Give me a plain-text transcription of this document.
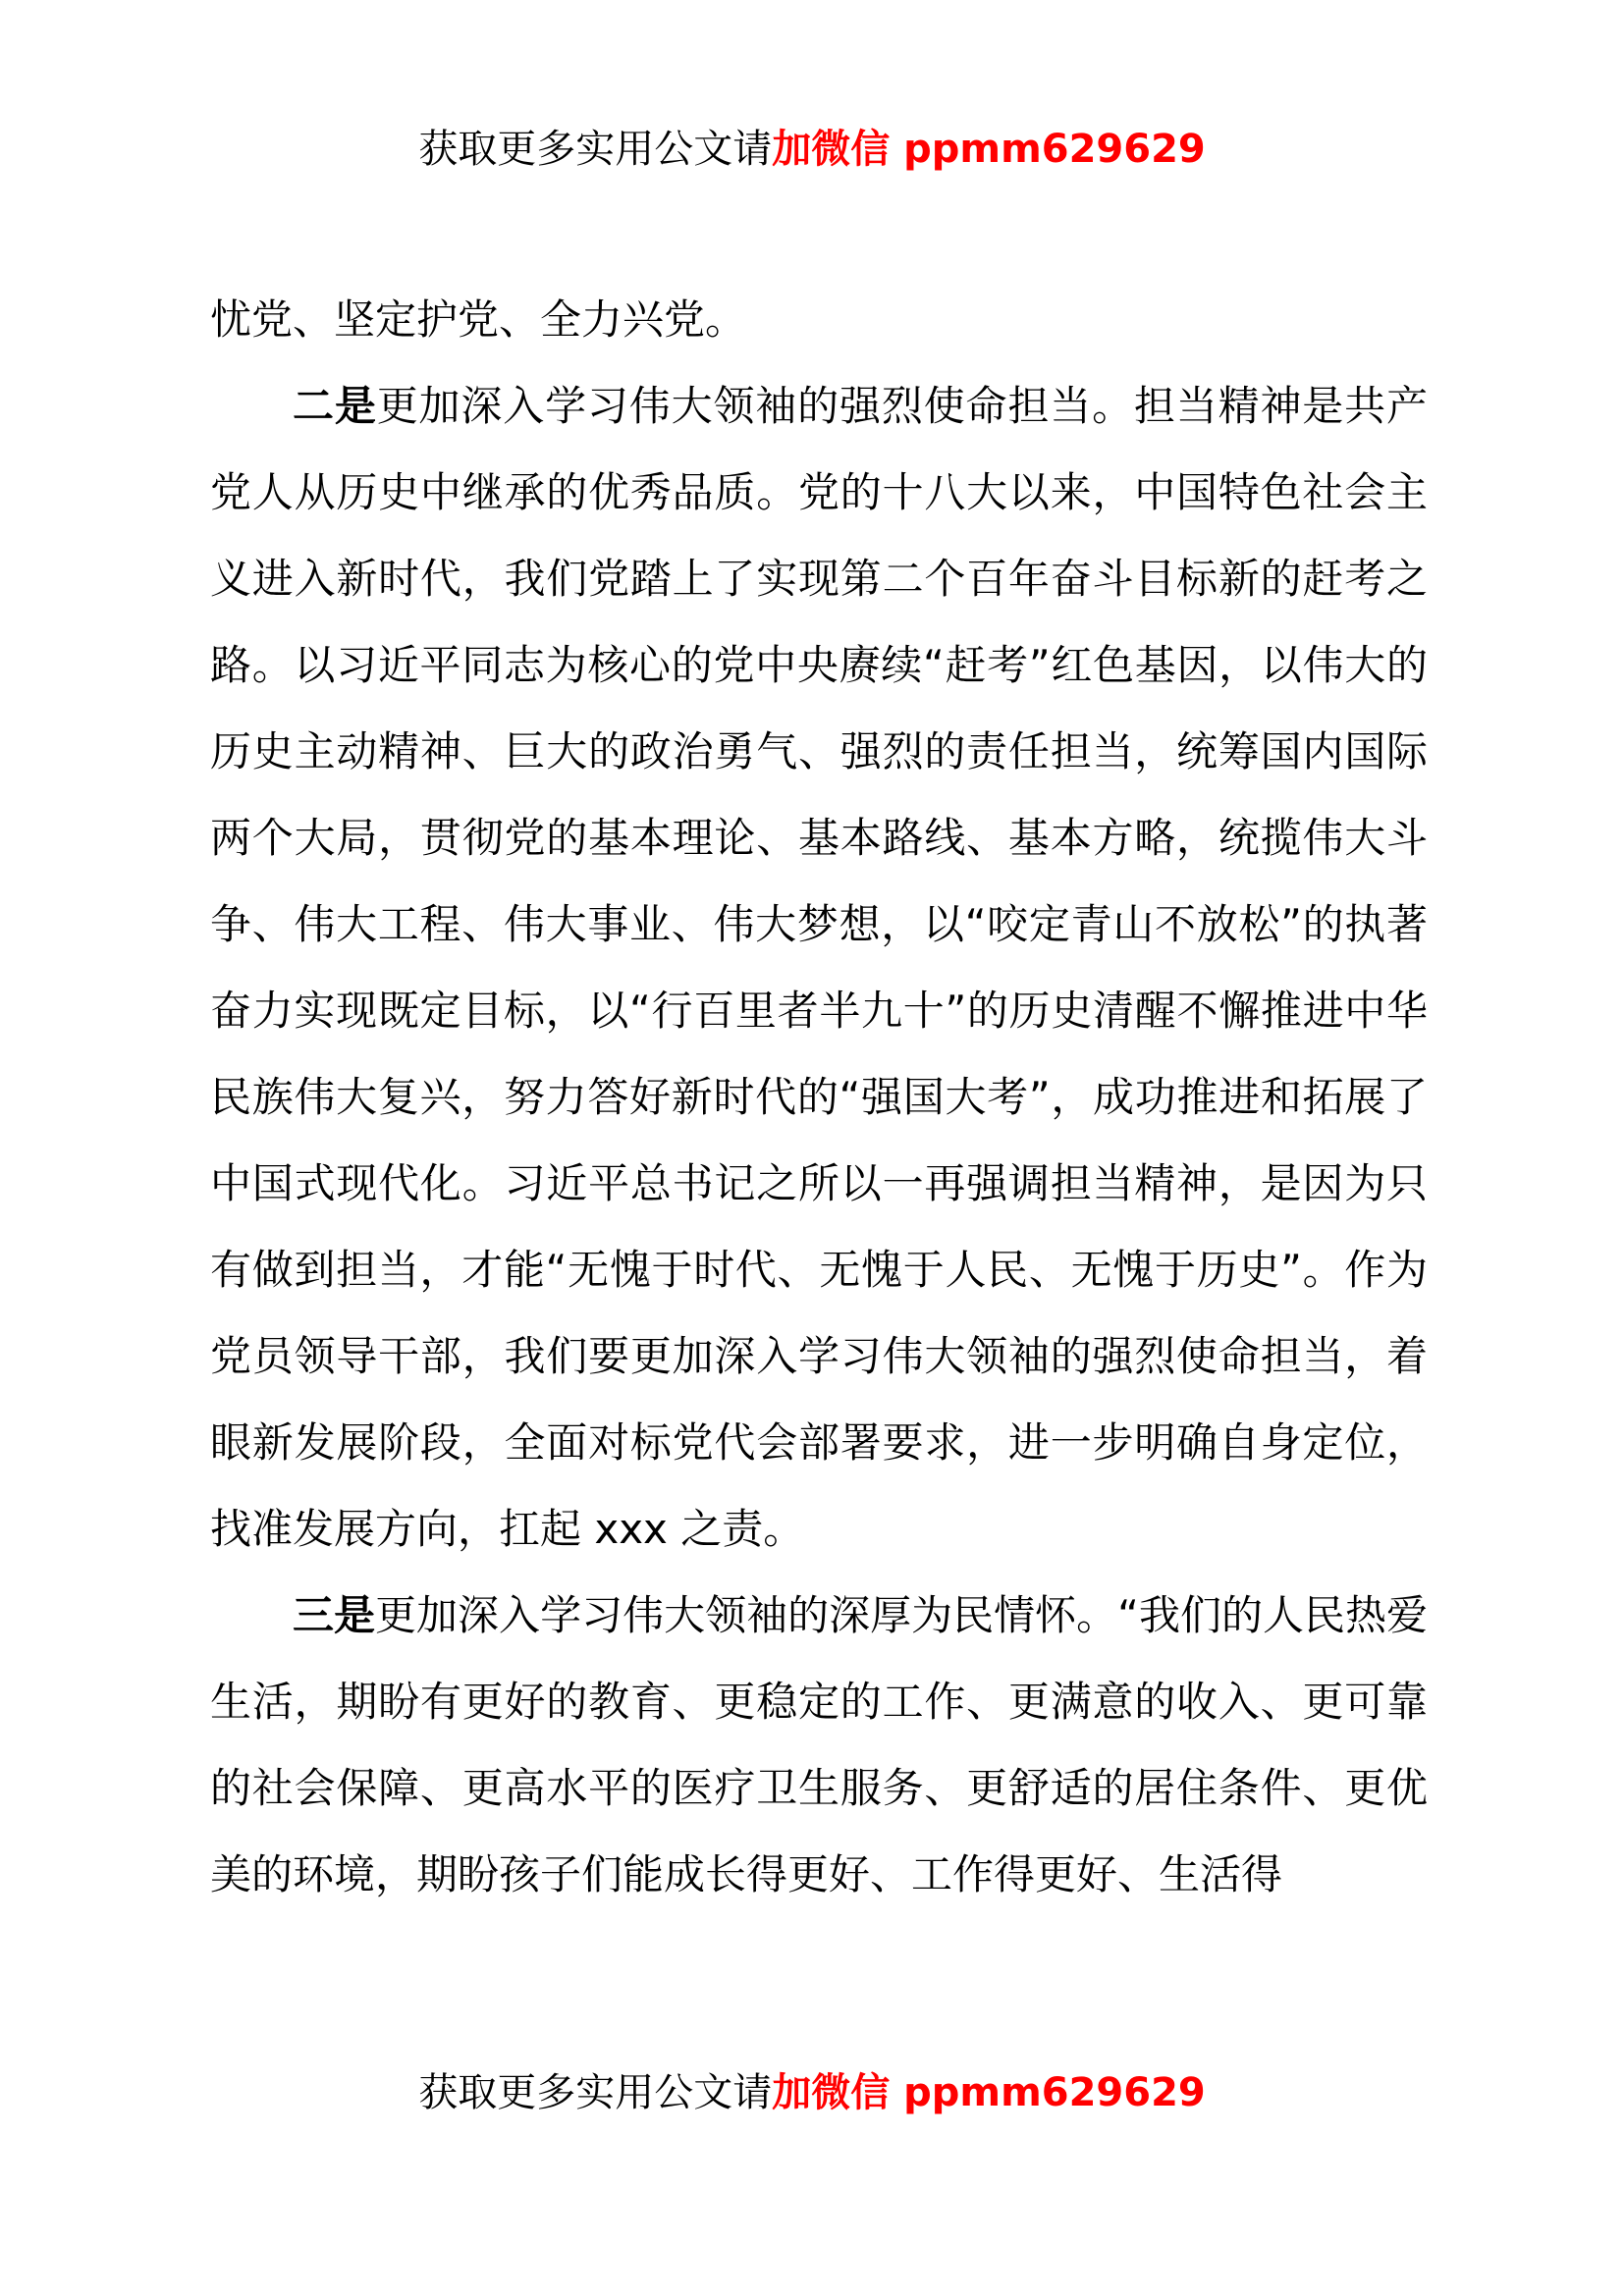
获取更多实用公文请加微信 ppmm629629

忧党、坚定护党、全力兴党。

二是更加深入学习伟大领袖的强烈使命担当。担当精神是共产党人从历史中继承的优秀品质。党的十八大以来，中国特色社会主义进入新时代，我们党踏上了实现第二个百年奋斗目标新的赶考之路。以习近平同志为核心的党中央赓续“赶考”红色基因，以伟大的历史主动精神、巨大的政治勇气、强烈的责任担当，统筹国内国际两个大局，贯彻党的基本理论、基本路线、基本方略，统揽伟大斗争、伟大工程、伟大事业、伟大梦想，以“咬定青山不放松”的执著奋力实现既定目标，以“行百里者半九十”的历史清醒不懈推进中华民族伟大复兴，努力答好新时代的“强国大考”，成功推进和拓展了中国式现代化。习近平总书记之所以一再强调担当精神，是因为只有做到担当，才能“无愧于时代、无愧于人民、无愧于历史”。作为党员领导干部，我们要更加深入学习伟大领袖的强烈使命担当，着眼新发展阶段，全面对标党代会部署要求，进一步明确自身定位，找准发展方向，扛起 xxx 之责。

三是更加深入学习伟大领袖的深厚为民情怀。“我们的人民热爱生活，期盼有更好的教育、更稳定的工作、更满意的收入、更可靠的社会保障、更高水平的医疗卫生服务、更舒适的居住条件、更优美的环境，期盼孩子们能成长得更好、工作得更好、生活得

获取更多实用公文请加微信 ppmm629629
